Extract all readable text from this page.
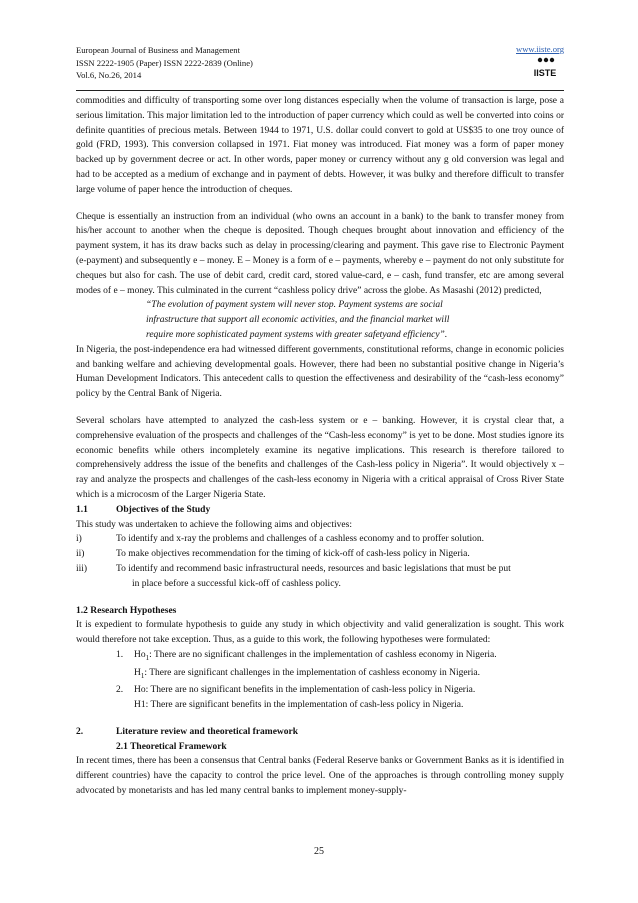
European Journal of Business and Management
ISSN 2222-1905 (Paper) ISSN 2222-2839 (Online)
Vol.6, No.26, 2014
www.iiste.org
IISTE

commodities and difficulty of transporting some over long distances especially when the volume of transaction is large, pose a serious limitation. This major limitation led to the introduction of paper currency which could as well be converted into coins or definite quantities of precious metals. Between 1944 to 1971, U.S. dollar could convert to gold at US$35 to one troy ounce of gold (FRD, 1993). This conversion collapsed in 1971. Fiat money was introduced. Fiat money was a form of paper money backed up by government decree or act. In other words, paper money or currency without any g old conversion was legal and had to be accepted as a medium of exchange and in payment of debts. However, it was bulky and therefore difficult to transfer large volume of paper hence the introduction of cheques.

Cheque is essentially an instruction from an individual (who owns an account in a bank) to the bank to transfer money from his/her account to another when the cheque is deposited. Though cheques brought about innovation and efficiency of the payment system, it has its draw backs such as delay in processing/clearing and payment. This gave rise to Electronic Payment (e-payment) and subsequently e – money. E – Money is a form of e – payments, whereby e – payment do not only substitute for cheques but also for cash. The use of debit card, credit card, stored value-card, e – cash, fund transfer, etc are among several modes of e – money. This culminated in the current “cashless policy drive” across the globe. As Masashi (2012) predicted,

“The evolution of payment system will never stop. Payment systems are social infrastructure that support all economic activities, and the financial market will require more sophisticated payment systems with greater safetyand efficiency”.

In Nigeria, the post-independence era had witnessed different governments, constitutional reforms, change in economic policies and banking welfare and achieving developmental goals. However, there had been no substantial positive change in Nigeria’s Human Development Indicators. This antecedent calls to question the effectiveness and desirability of the “cash-less economy” policy by the Central Bank of Nigeria.

Several scholars have attempted to analyzed the cash-less system or e – banking. However, it is crystal clear that, a comprehensive evaluation of the prospects and challenges of the “Cash-less economy” is yet to be done. Most studies ignore its economic benefits while others incompletely examine its negative implications. This research is therefore tailored to comprehensively address the issue of the benefits and challenges of the Cash-less policy in Nigeria”. It would objectively x – ray and analyze the prospects and challenges of the cash-less economy in Nigeria with a critical appraisal of Cross River State which is a microcosm of the Larger Nigeria State.

1.1	Objectives of the Study

This study was undertaken to achieve the following aims and objectives:

i)	To identify and x-ray the problems and challenges of a cashless economy and to proffer solution.
ii)	To make objectives recommendation for the timing of kick-off of cash-less policy in Nigeria.
iii)	To identify and recommend basic infrastructural needs, resources and basic legislations that must be put
in place before a successful kick-off of cashless policy.
1.2 Research Hypotheses

It is expedient to formulate hypothesis to guide any study in which objectivity and valid generalization is sought. This work would therefore not take exception. Thus, as a guide to this work, the following hypotheses were formulated:

1.	$Ho_1$: There are no significant challenges in the implementation of cashless economy in Nigeria.
$H_1$: There are significant challenges in the implementation of cashless economy in Nigeria.
2.	Ho: There are no significant benefits in the implementation of cash-less policy in Nigeria.
H1: There are significant benefits in the implementation of cash-less policy in Nigeria.
2.	Literature review and theoretical framework
2.1 Theoretical Framework

In recent times, there has been a consensus that Central banks (Federal Reserve banks or Government Banks as it is identified in different countries) have the capacity to control the price level. One of the approaches is through controlling money supply advocated by monetarists and has led many central banks to implement money-supply-

25
